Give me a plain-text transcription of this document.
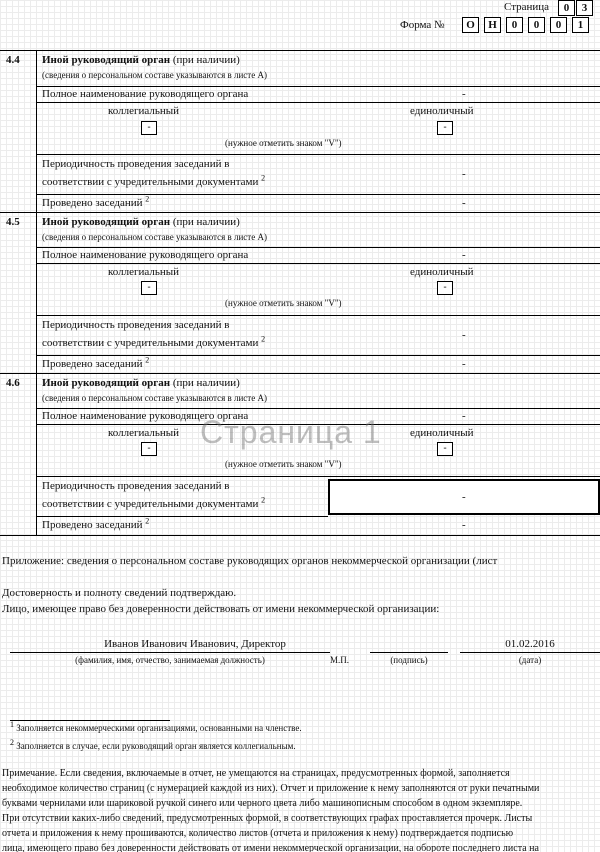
Страница	0	3
Форма №	О	Н	0	0	0	1
4.4 Иной руководящий орган (при наличии)
(сведения о персональном составе указываются в листе А)
Полное наименование руководящего органа	-
коллегиальный	единоличный
-	-
(нужное отметить знаком "V")
Периодичность проведения заседаний в
соответствии с учредительными документами $^2$	-
Проведено заседаний $^2$	-
4.5 Иной руководящий орган (при наличии)
(сведения о персональном составе указываются в листе А)
Полное наименование руководящего органа	-
коллегиальный	единоличный
-	-
(нужное отметить знаком "V")
Периодичность проведения заседаний в
соответствии с учредительными документами $^2$	-
Проведено заседаний $^2$	-
4.6 Иной руководящий орган (при наличии)
(сведения о персональном составе указываются в листе А)
Полное наименование руководящего органа	-
коллегиальный	единоличный
-	-
(нужное отметить знаком "V")
Периодичность проведения заседаний в
соответствии с учредительными документами $^2$	-
Проведено заседаний $^2$	-
Страница 1
Приложение: сведения о персональном составе руководящих органов некоммерческой организации (лист
Достоверность и полноту сведений подтверждаю.
Лицо, имеющее право без доверенности действовать от имени некоммерческой организации:
Иванов Иванович Иванович, Директор	01.02.2016
(фамилия, имя, отчество, занимаемая должность)	М.П.	(подпись)	(дата)
1 Заполняется некоммерческими организациями, основанными на членстве.
2 Заполняется в случае, если руководящий орган является коллегиальным.
Примечание. Если сведения, включаемые в отчет, не умещаются на страницах, предусмотренных формой, заполняется
необходимое количество страниц (с нумерацией каждой из них). Отчет и приложение к нему заполняются от руки печатными
буквами чернилами или шариковой ручкой синего или черного цвета либо машинописным способом в одном экземпляре.
При отсутствии каких-либо сведений, предусмотренных формой, в соответствующих графах проставляется прочерк. Листы
отчета и приложения к нему прошиваются, количество листов (отчета и приложения к нему) подтверждается подписью
лица, имеющего право без доверенности действовать от имени некоммерческой организации, на обороте последнего листа на
